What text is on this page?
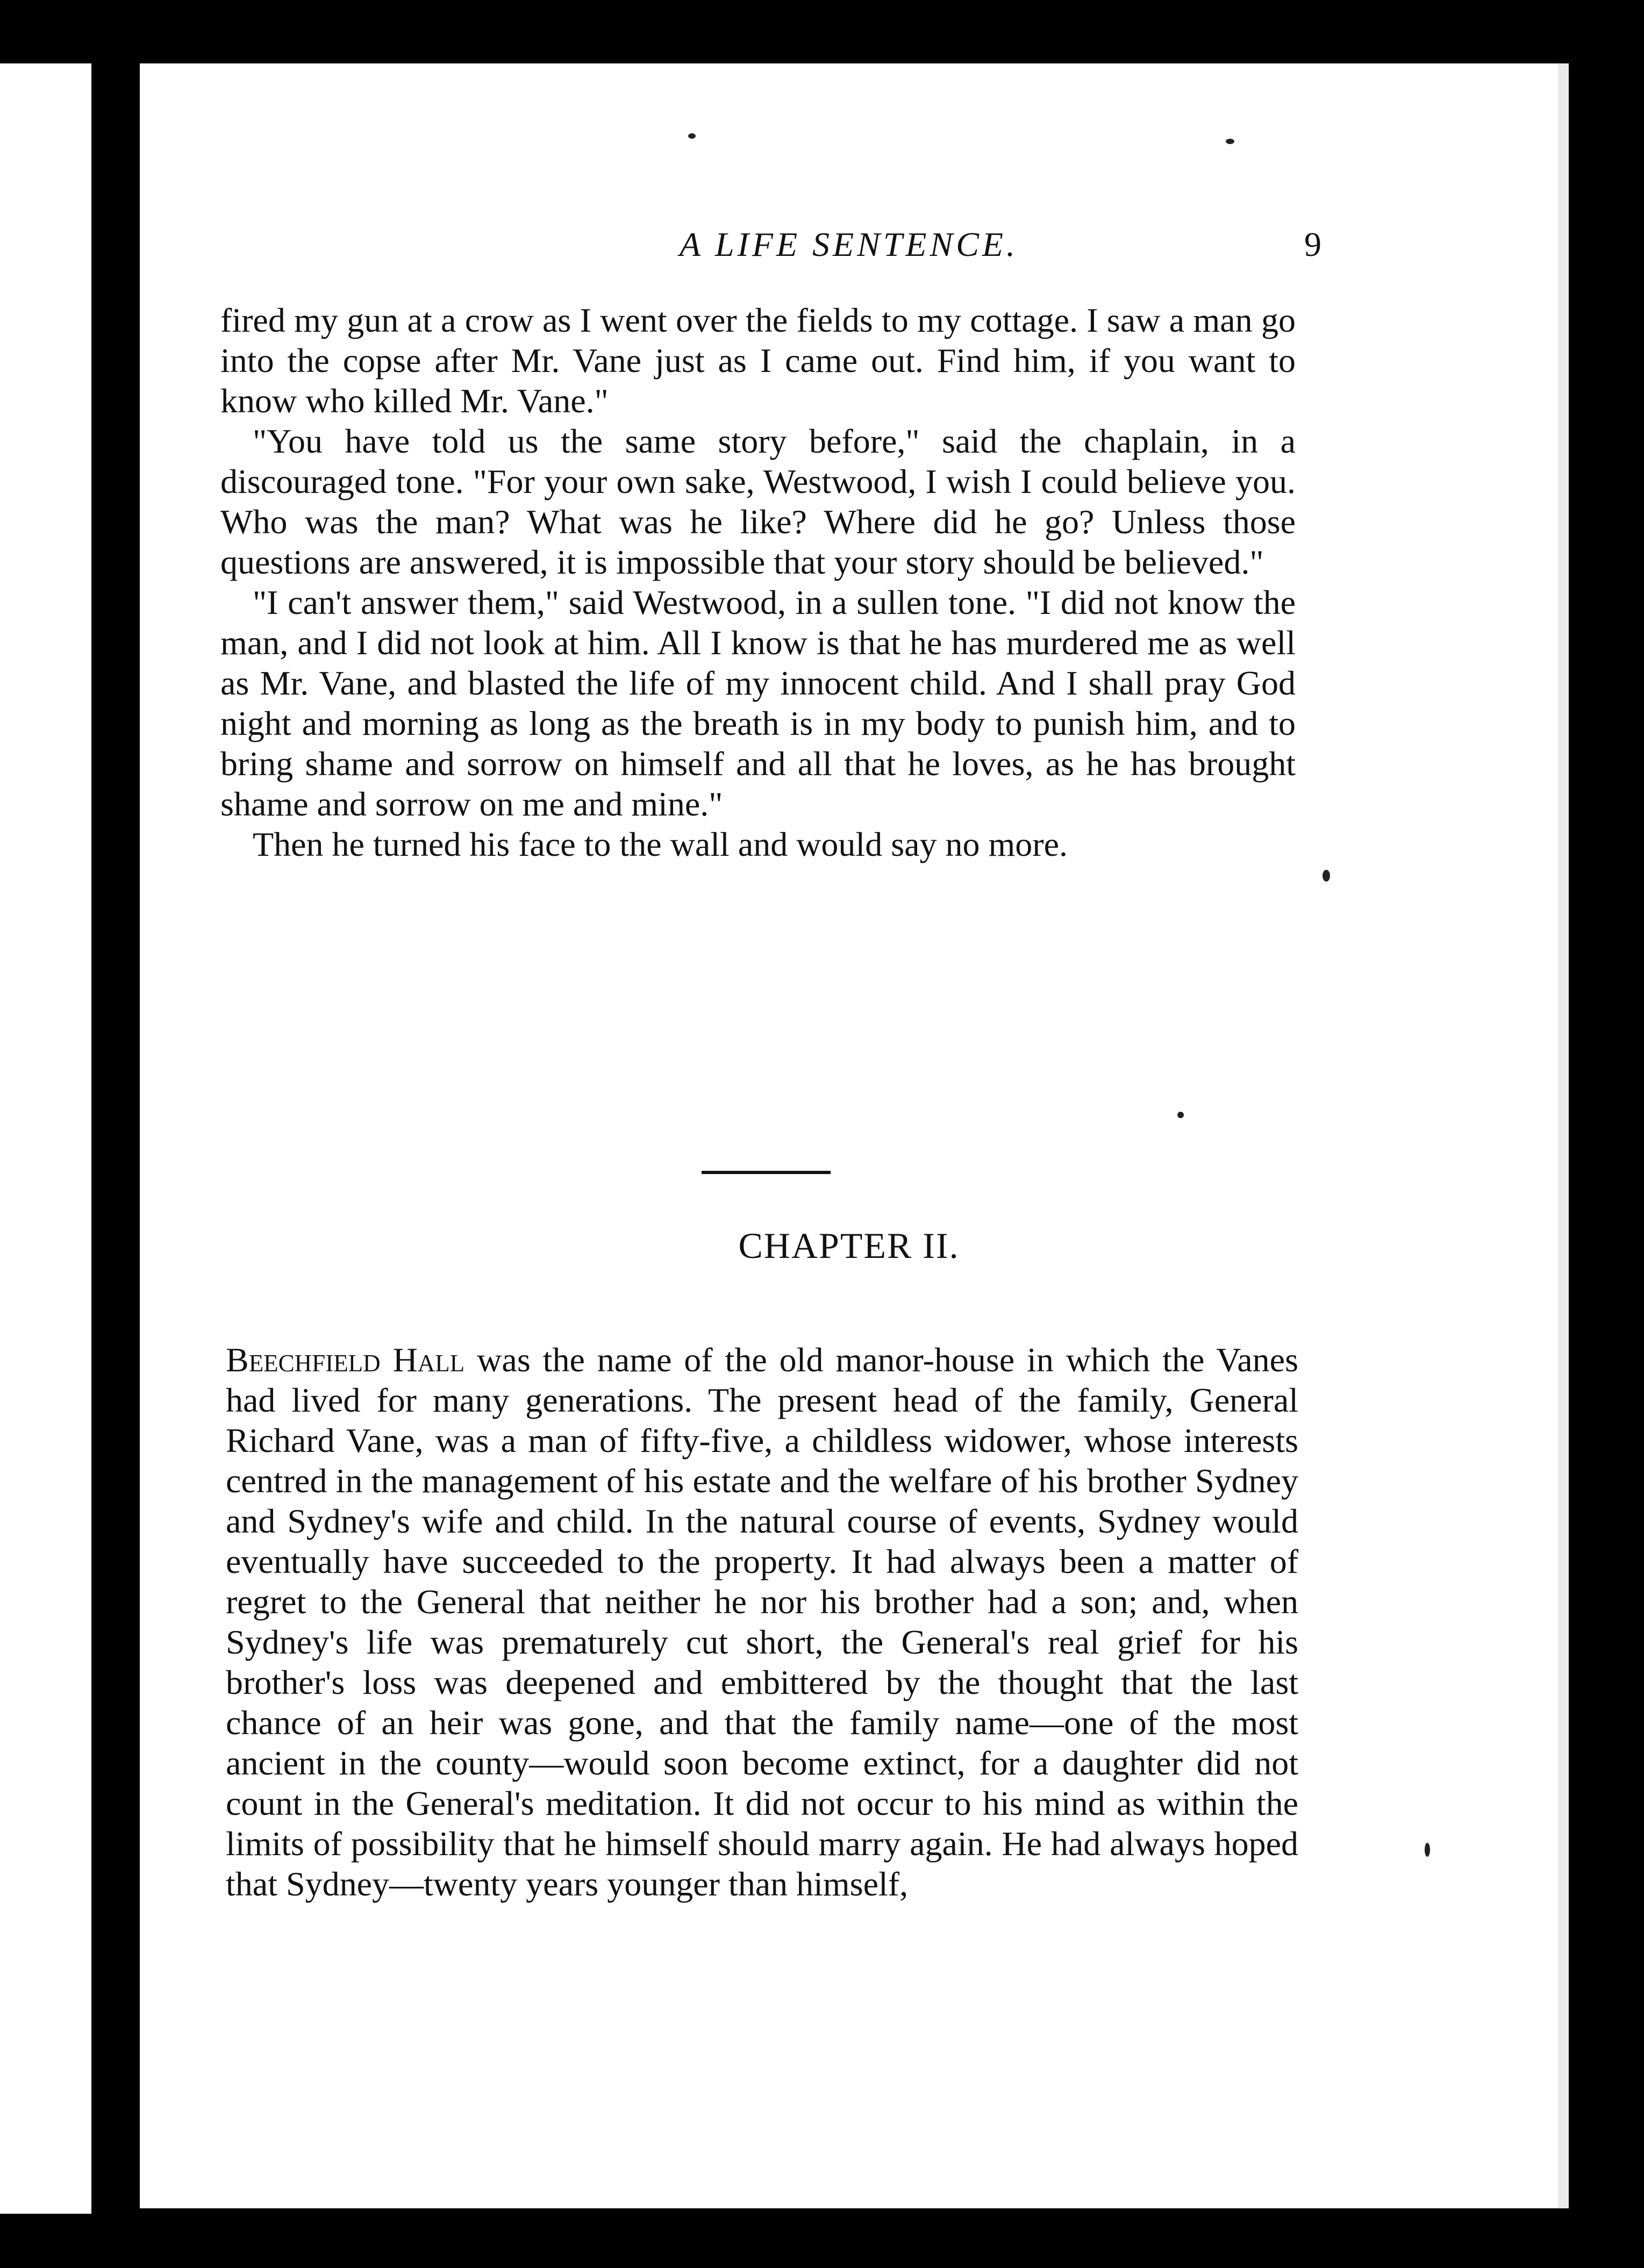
A LIFE SENTENCE.	9

fired my gun at a crow as I went over the fields to my cottage. I saw a man go into the copse after Mr. Vane just as I came out. Find him, if you want to know who killed Mr. Vane."

"You have told us the same story before," said the chaplain, in a discouraged tone. "For your own sake, Westwood, I wish I could believe you. Who was the man? What was he like? Where did he go? Unless those questions are answered, it is impossible that your story should be believed."

"I can't answer them," said Westwood, in a sullen tone. "I did not know the man, and I did not look at him. All I know is that he has murdered me as well as Mr. Vane, and blasted the life of my innocent child. And I shall pray God night and morning as long as the breath is in my body to punish him, and to bring shame and sorrow on himself and all that he loves, as he has brought shame and sorrow on me and mine."

Then he turned his face to the wall and would say no more.

CHAPTER II.

Beechfield Hall was the name of the old manor-house in which the Vanes had lived for many generations. The present head of the family, General Richard Vane, was a man of fifty-five, a childless widower, whose interests centred in the management of his estate and the welfare of his brother Sydney and Sydney's wife and child. In the natural course of events, Sydney would eventually have succeeded to the property. It had always been a matter of regret to the General that neither he nor his brother had a son; and, when Sydney's life was prematurely cut short, the General's real grief for his brother's loss was deepened and embittered by the thought that the last chance of an heir was gone, and that the family name—one of the most ancient in the county—would soon become extinct, for a daughter did not count in the General's meditation. It did not occur to his mind as within the limits of possibility that he himself should marry again. He had always hoped that Sydney—twenty years younger than himself,
